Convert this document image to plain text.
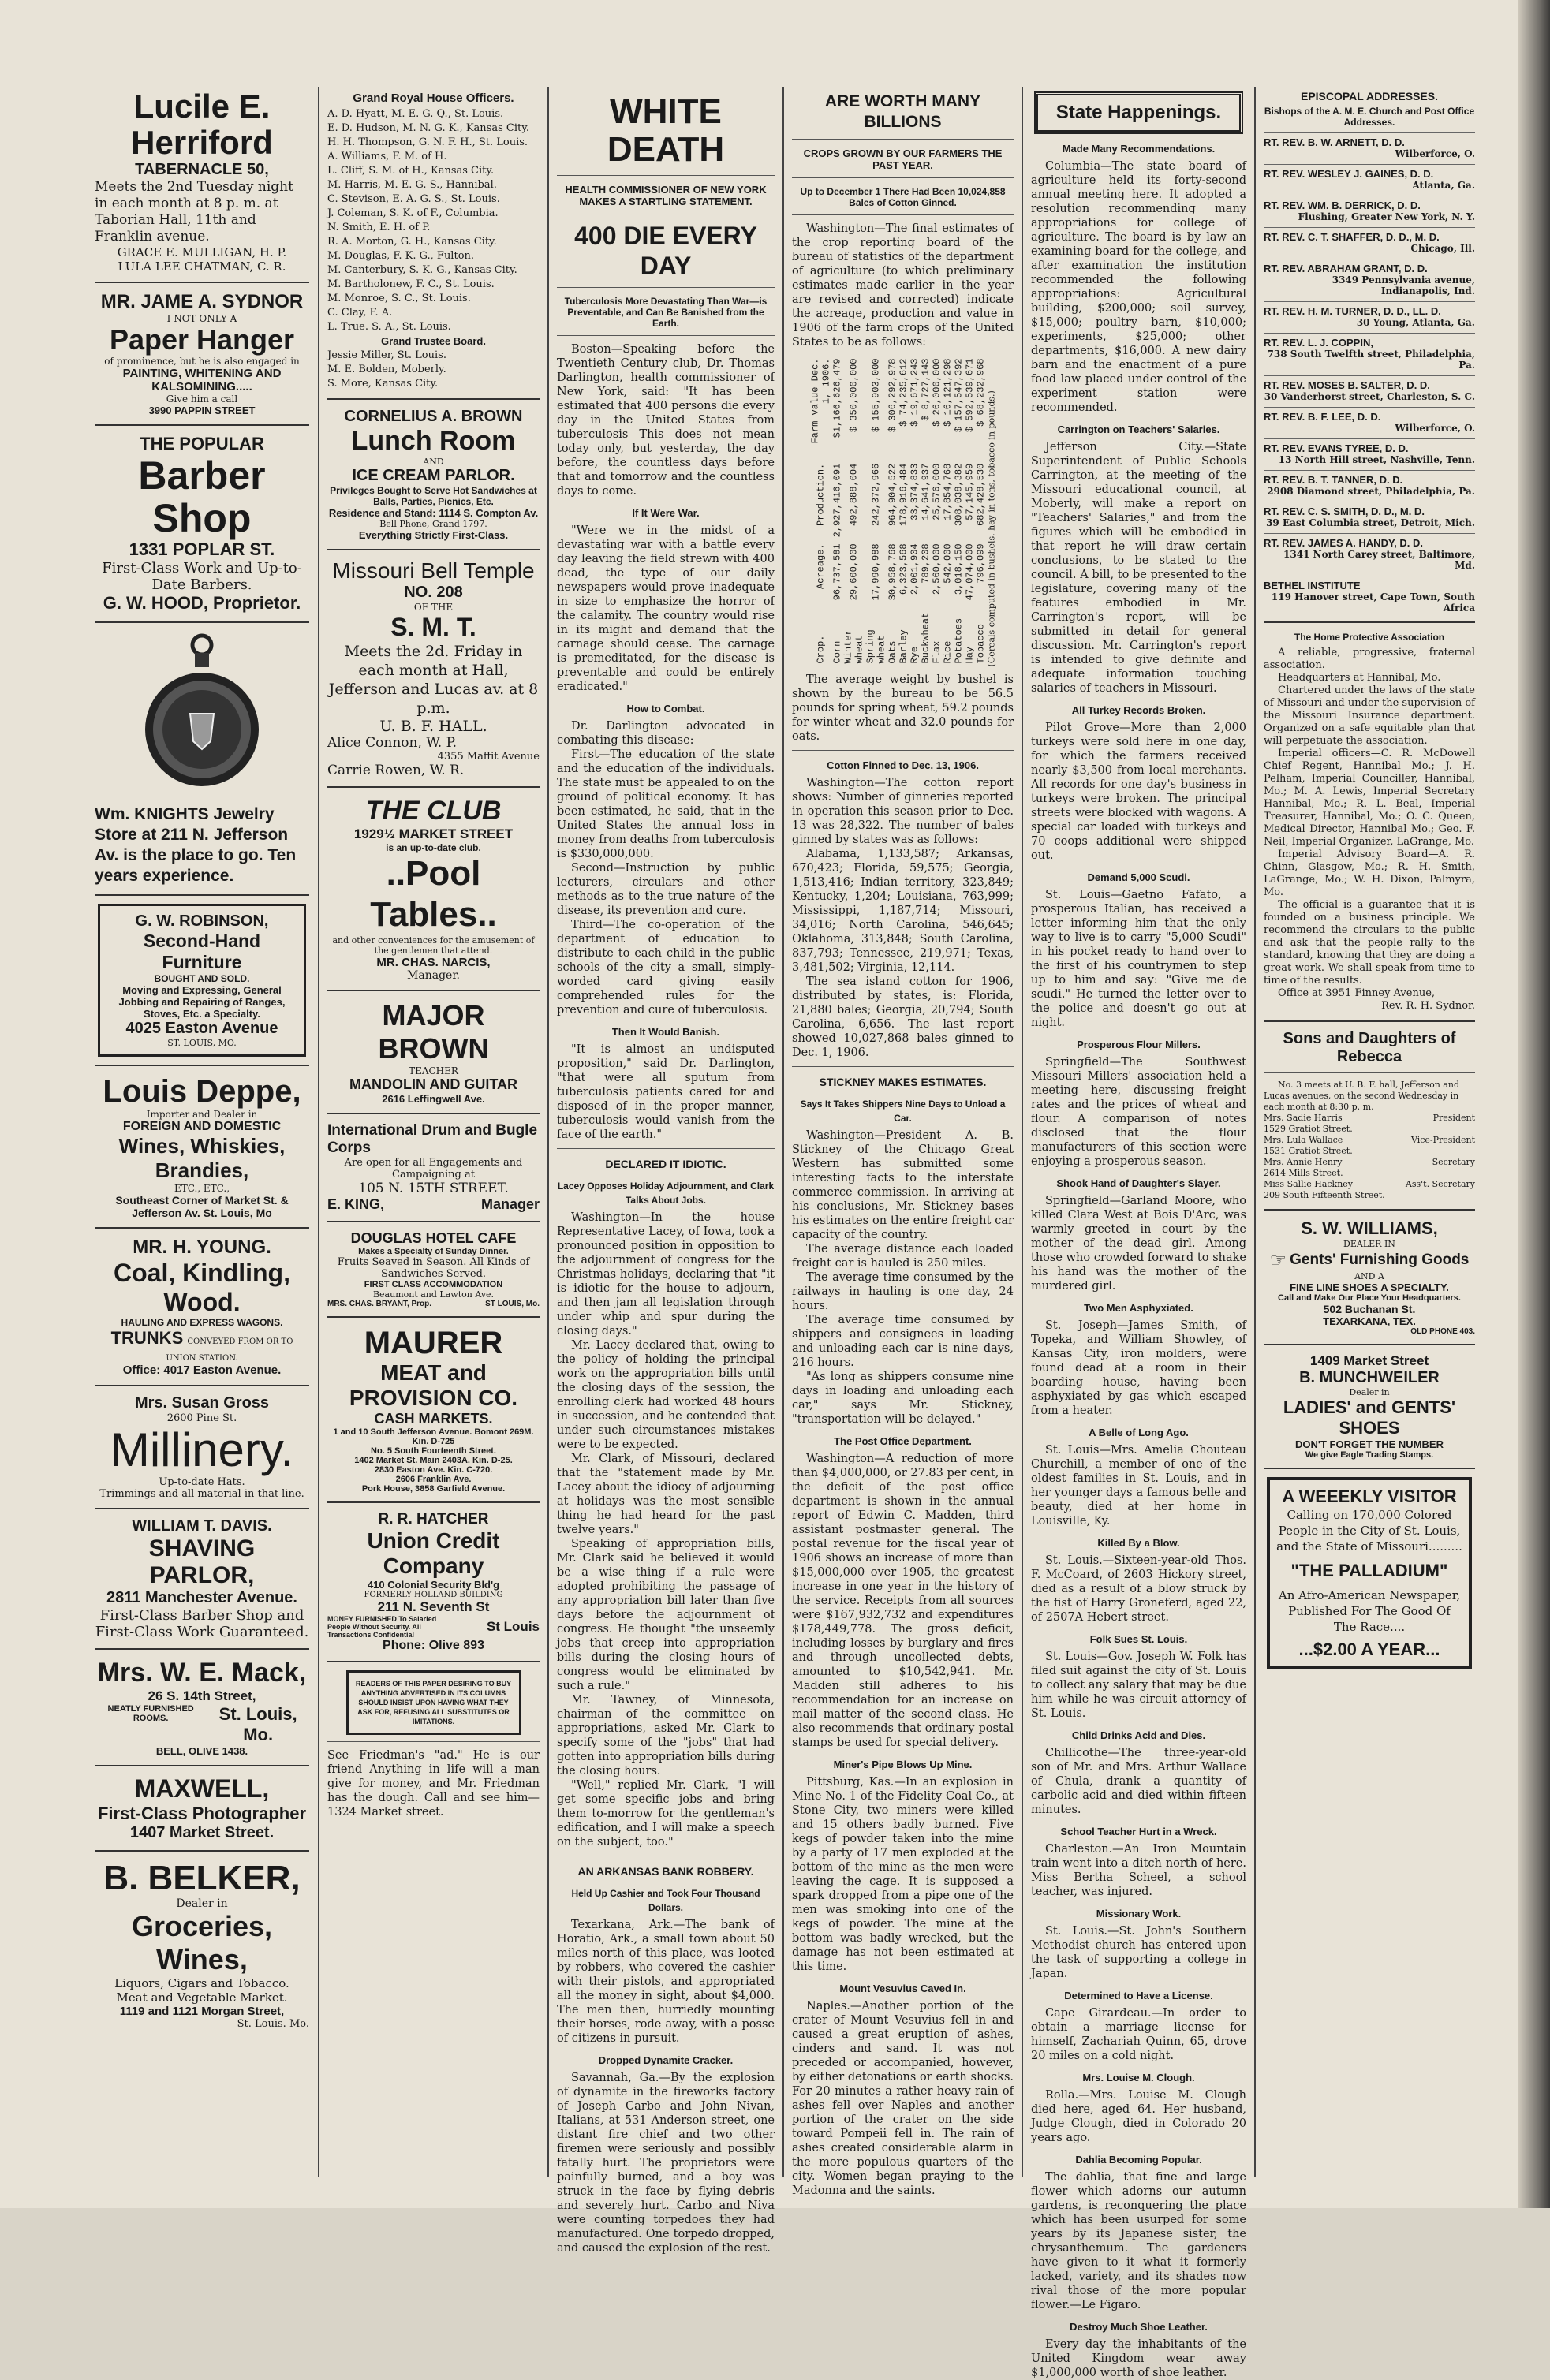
Lucile E. Herriford
TABERNACLE 50,
Meets the 2nd Tuesday night in each month at 8 p. m. at Taborian Hall, 11th and Franklin avenue.
GRACE E. MULLIGAN, H. P.
LULA LEE CHATMAN, C. R.
MR. JAME A. SYDNOR
I NOT ONLY A
Paper Hanger
of prominence, but he is also engaged in
PAINTING, WHITENING AND KALSOMINING.....
Give him a call
3990 PAPPIN STREET
THE POPULAR
Barber Shop
1331 POPLAR ST.
First-Class Work and Up-to-Date Barbers.
G. W. HOOD, Proprietor.
Wm. KNIGHTS Jewelry Store at 211 N. Jefferson Av. is the place to go. Ten years experience.
G. W. ROBINSON,
Second-Hand Furniture
BOUGHT AND SOLD.
Moving and Expressing, General Jobbing and Repairing of Ranges, Stoves, Etc. a Specialty.
4025 Easton Avenue
ST. LOUIS, MO.
Louis Deppe,
Importer and Dealer in
FOREIGN AND DOMESTIC
Wines, Whiskies, Brandies,
ETC., ETC.,
Southeast Corner of Market St. & Jefferson Av. St. Louis, Mo
MR. H. YOUNG.
Coal, Kindling, Wood.
HAULING AND EXPRESS WAGONS.
TRUNKS CONVEYED FROM OR TO UNION STATION.
Office: 4017 Easton Avenue.
Mrs. Susan Gross
2600 Pine St.
Millinery.
Up-to-date Hats.
Trimmings and all material in that line.
WILLIAM T. DAVIS.
SHAVING PARLOR,
2811 Manchester Avenue.
First-Class Barber Shop and First-Class Work Guaranteed.
Mrs. W. E. Mack,
26 S. 14th Street,
NEATLY FURNISHED ROOMS.	St. Louis, Mo.
BELL, OLIVE 1438.
MAXWELL,
First-Class Photographer
1407 Market Street.
B. BELKER,
Dealer in
Groceries, Wines,
Liquors, Cigars and Tobacco.
Meat and Vegetable Market.
1119 and 1121 Morgan Street,
St. Louis. Mo.
Grand Royal House Officers.

A. D. Hyatt, M. E. G. Q., St. Louis.

E. D. Hudson, M. N. G. K., Kansas City.

H. H. Thompson, G. N. F. H., St. Louis.

A. Williams, F. M. of H.

L. Cliff, S. M. of H., Kansas City.

M. Harris, M. E. G. S., Hannibal.

C. Stevison, E. A. G. S., St. Louis.

J. Coleman, S. K. of F., Columbia.

N. Smith, E. H. of P.

R. A. Morton, G. H., Kansas City.

M. Douglas, F. K. G., Fulton.

M. Canterbury, S. K. G., Kansas City.

M. Bartholonew, F. C., St. Louis.

M. Monroe, S. C., St. Louis.

C. Clay, F. A.

L. True. S. A., St. Louis.

Grand Trustee Board.

Jessie Miller, St. Louis.

M. E. Bolden, Moberly.

S. More, Kansas City.

CORNELIUS A. BROWN
Lunch Room
AND
ICE CREAM PARLOR.
Privileges Bought to Serve Hot Sandwiches at Balls, Parties, Picnics, Etc.
Residence and Stand: 1114 S. Compton Av.
Bell Phone, Grand 1797.
Everything Strictly First-Class.
Missouri Bell Temple
NO. 208
OF THE
S. M. T.
Meets the 2d. Friday in each month at Hall, Jefferson and Lucas av. at 8 p.m.
U. B. F. HALL.
Alice Connon, W. P.
4355 Maffit Avenue
Carrie Rowen, W. R.
THE CLUB
1929½ MARKET STREET
is an up-to-date club.
..Pool Tables..
and other conveniences for the amusement of the gentlemen that attend.
MR. CHAS. NARCIS,
Manager.
MAJOR BROWN
TEACHER
MANDOLIN AND GUITAR
2616 Leffingwell Ave.
International Drum and Bugle Corps
Are open for all Engagements and Campaigning at
105 N. 15TH STREET.
E. KING,	Manager
DOUGLAS HOTEL CAFE
Makes a Specialty of Sunday Dinner.
Fruits Seaved in Season. All Kinds of Sandwiches Served.
FIRST CLASS ACCOMMODATION
Beaumont and Lawton Ave.
MRS. CHAS. BRYANT, Prop.	ST LOUIS, Mo.
MAURER
MEAT and
PROVISION CO.
CASH MARKETS.
1 and 10 South Jefferson Avenue. Bomont 269M. Kin. D-725
No. 5 South Fourteenth Street.
1402 Market St. Main 2403A. Kin. D-25.
2830 Easton Ave. Kin. C-720.
2606 Franklin Ave.
Pork House, 3858 Garfield Avenue.
R. R. HATCHER
Union Credit Company
410 Colonial Security Bld'g
FORMERLY HOLLAND BUILDING
211 N. Seventh St
MONEY FURNISHED To Salaried People Without Security. All Transactions Confidential
St Louis
Phone: Olive 893
READERS OF THIS PAPER DESIRING TO BUY ANYTHING ADVERTISED IN ITS COLUMNS SHOULD INSIST UPON HAVING WHAT THEY ASK FOR, REFUSING ALL SUBSTITUTES OR IMITATIONS.
See Friedman's "ad." He is our friend Anything in life will a man give for money, and Mr. Friedman has the dough. Call and see him—1324 Market street.
WHITE DEATH
HEALTH COMMISSIONER OF NEW YORK MAKES A STARTLING STATEMENT.
400 DIE EVERY DAY
Tuberculosis More Devastating Than War—is Preventable, and Can Be Banished from the Earth.

Boston—Speaking before the Twentieth Century club, Dr. Thomas Darlington, health commissioner of New York, said: "It has been estimated that 400 persons die every day in the United States from tuberculosis This does not mean today only, but yesterday, the day before, the countless days before that and tomorrow and the countless days to come.

If It Were War.

"Were we in the midst of a devastating war with a battle every day leaving the field strewn with 400 dead, the type of our daily newspapers would prove inadequate in size to emphasize the horror of the calamity. The country would rise in its might and demand that the carnage should cease. The carnage is premeditated, for the disease is preventable and could be entirely eradicated."

How to Combat.

Dr. Darlington advocated in combating this disease:

First—The education of the state and the education of the individuals. The state must be appealed to on the ground of political economy. It has been estimated, he said, that in the United States the annual loss in money from deaths from tuberculosis is $330,000,000.

Second—Instruction by public lecturers, circulars and other methods as to the true nature of the disease, its prevention and cure.

Third—The co-operation of the department of education to distribute to each child in the public schools of the city a small, simply-worded card giving easily comprehended rules for the prevention and cure of tuberculosis.

Then It Would Banish.

"It is almost an undisputed proposition," said Dr. Darlington, "that were all sputum from tuberculosis patients cared for and disposed of in the proper manner, tuberculosis would vanish from the face of the earth."

DECLARED IT IDIOTIC.
Lacey Opposes Holiday Adjournment, and Clark Talks About Jobs.

Washington—In the house Representative Lacey, of Iowa, took a pronounced position in opposition to the adjournment of congress for the Christmas holidays, declaring that "it is idiotic for the house to adjourn, and then jam all legislation through under whip and spur during the closing days."

Mr. Lacey declared that, owing to the policy of holding the principal work on the appropriation bills until the closing days of the session, the enrolling clerk had worked 48 hours in succession, and he contended that under such circumstances mistakes were to be expected.

Mr. Clark, of Missouri, declared that the "statement made by Mr. Lacey about the idiocy of adjourning at holidays was the most sensible thing he had heard for the past twelve years."

Speaking of appropriation bills, Mr. Clark said he believed it would be a wise thing if a rule were adopted prohibiting the passage of any appropriation bill later than five days before the adjournment of congress. He thought "the unseemly jobs that creep into appropriation bills during the closing hours of congress would be eliminated by such a rule."

Mr. Tawney, of Minnesota, chairman of the committee on appropriations, asked Mr. Clark to specify some of the "jobs" that had gotten into appropriation bills during the closing hours.

"Well," replied Mr. Clark, "I will get some specific jobs and bring them to-morrow for the gentleman's edification, and I will make a speech on the subject, too."

AN ARKANSAS BANK ROBBERY.
Held Up Cashier and Took Four Thousand Dollars.

Texarkana, Ark.—The bank of Horatio, Ark., a small town about 50 miles north of this place, was looted by robbers, who covered the cashier with their pistols, and appropriated all the money in sight, about $4,000. The men then, hurriedly mounting their horses, rode away, with a posse of citizens in pursuit.

Dropped Dynamite Cracker.

Savannah, Ga.—By the explosion of dynamite in the fireworks factory of Joseph Carbo and John Nivan, Italians, at 531 Anderson street, one distant fire chief and two other firemen were seriously and possibly fatally hurt. The proprietors were painfully burned, and a boy was struck in the face by flying debris and severely hurt. Carbo and Niva were counting torpedoes they had manufactured. One torpedo dropped, and caused the explosion of the rest.

ARE WORTH MANY BILLIONS
CROPS GROWN BY OUR FARMERS THE PAST YEAR.
Up to December 1 There Had Been 10,024,858 Bales of Cotton Ginned.

Washington—The final estimates of the crop reporting board of the bureau of statistics of the department of agriculture (to which preliminary estimates made earlier in the year are revised and corrected) indicate the acreage, production and value in 1906 of the farm crops of the United States to be as follows:

Crop.	Acreage.	Production.	Farm value Dec. 1, 1906.
Corn	96,737,581	2,927,416,091	$1,166,626,479
Winter wheat	29,600,000	492,888,004	$ 350,000,000
Spring wheat	17,990,988	242,372,966	$ 155,903,000
Oats	30,958,768	964,904,522	$ 306,292,978
Barley	6,323,568	178,916,484	$ 74,235,612
Rye	2,001,904	33,374,833	$ 19,671,243
Buckwheat	789,208	14,641,937	$ 8,727,143
Flax	2,560,000	25,576,000	$ 26,000,000
Rice	542,000	17,854,768	$ 16,121,298
Potatoes	3,018,150	308,038,382	$ 157,547,392
Hay	47,074,000	57,145,959	$ 592,539,671
Tobacco	796,099	682,428,530	$ 68,232,968 (Cereals computed in bushels, hay in tons, tobacco in pounds.)

The average weight by bushel is shown by the bureau to be 56.5 pounds for spring wheat, 59.2 pounds for winter wheat and 32.0 pounds for oats.

Cotton Finned to Dec. 13, 1906.

Washington—The cotton report shows: Number of ginneries reported in operation this season prior to Dec. 13 was 28,322. The number of bales ginned by states was as follows:

Alabama, 1,133,587; Arkansas, 670,423; Florida, 59,575; Georgia, 1,513,416; Indian territory, 323,849; Kentucky, 1,204; Louisiana, 763,999; Mississippi, 1,187,714; Missouri, 34,016; North Carolina, 546,645; Oklahoma, 313,848; South Carolina, 837,793; Tennessee, 219,971; Texas, 3,481,502; Virginia, 12,114.

The sea island cotton for 1906, distributed by states, is: Florida, 21,880 bales; Georgia, 20,794; South Carolina, 6,656. The last report showed 10,027,868 bales ginned to Dec. 1, 1906.

STICKNEY MAKES ESTIMATES.
Says It Takes Shippers Nine Days to Unload a Car.

Washington—President A. B. Stickney of the Chicago Great Western has submitted some interesting facts to the interstate commerce commission. In arriving at his conclusions, Mr. Stickney bases his estimates on the entire freight car capacity of the country.

The average distance each loaded freight car is hauled is 250 miles.

The average time consumed by the railways in hauling is one day, 24 hours.

The average time consumed by shippers and consignees in loading and unloading each car is nine days, 216 hours.

"As long as shippers consume nine days in loading and unloading each car," says Mr. Stickney, "transportation will be delayed."

The Post Office Department.

Washington—A reduction of more than $4,000,000, or 27.83 per cent, in the deficit of the post office department is shown in the annual report of Edwin C. Madden, third assistant postmaster general. The postal revenue for the fiscal year of 1906 shows an increase of more than $15,000,000 over 1905, the greatest increase in one year in the history of the service. Receipts from all sources were $167,932,732 and expenditures $178,449,778. The gross deficit, including losses by burglary and fires and through uncollected debts, amounted to $10,542,941. Mr. Madden still adheres to his recommendation for an increase on mail matter of the second class. He also recommends that ordinary postal stamps be used for special delivery.

Miner's Pipe Blows Up Mine.

Pittsburg, Kas.—In an explosion in Mine No. 1 of the Fidelity Coal Co., at Stone City, two miners were killed and 15 others badly burned. Five kegs of powder taken into the mine by a party of 17 men exploded at the bottom of the mine as the men were leaving the cage. It is supposed a spark dropped from a pipe one of the men was smoking into one of the kegs of powder. The mine at the bottom was badly wrecked, but the damage has not been estimated at this time.

Mount Vesuvius Caved In.

Naples.—Another portion of the crater of Mount Vesuvius fell in and caused a great eruption of ashes, cinders and sand. It was not preceded or accompanied, however, by either detonations or earth shocks. For 20 minutes a rather heavy rain of ashes fell over Naples and another portion of the crater on the side toward Pompeii fell in. The rain of ashes created considerable alarm in the more populous quarters of the city. Women began praying to the Madonna and the saints.

State Happenings.
Made Many Recommendations.

Columbia—The state board of agriculture held its forty-second annual meeting here. It adopted a resolution recommending many appropriations for college of agriculture. The board is by law an examining board for the college, and after examination the institution recommended the following appropriations: Agricultural building, $200,000; soil survey, $15,000; poultry barn, $10,000; experiments, $25,000; other departments, $16,000. A new dairy barn and the enactment of a pure food law placed under control of the experiment station were recommended.

Carrington on Teachers' Salaries.

Jefferson City.—State Superintendent of Public Schools Carrington, at the meeting of the Missouri educational council, at Moberly, will make a report on "Teachers' Salaries," and from the figures which will be embodied in that report he will draw certain conclusions, to be stated to the council. A bill, to be presented to the legislature, covering many of the features embodied in Mr. Carrington's report, will be submitted in detail for general discussion. Mr. Carrington's report is intended to give definite and adequate information touching salaries of teachers in Missouri.

All Turkey Records Broken.

Pilot Grove—More than 2,000 turkeys were sold here in one day, for which the farmers received nearly $3,500 from local merchants. All records for one day's business in turkeys were broken. The principal streets were blocked with wagons. A special car loaded with turkeys and 70 coops additional were shipped out.

Demand 5,000 Scudi.

St. Louis—Gaetno Fafato, a prosperous Italian, has received a letter informing him that the only way to live is to carry "5,000 Scudi" in his pocket ready to hand over to the first of his countrymen to step up to him and say: "Give me de scudi." He turned the letter over to the police and doesn't go out at night.

Prosperous Flour Millers.

Springfield—The Southwest Missouri Millers' association held a meeting here, discussing freight rates and the prices of wheat and flour. A comparison of notes disclosed that the flour manufacturers of this section were enjoying a prosperous season.

Shook Hand of Daughter's Slayer.

Springfield—Garland Moore, who killed Clara West at Bois D'Arc, was warmly greeted in court by the mother of the dead girl. Among those who crowded forward to shake his hand was the mother of the murdered girl.

Two Men Asphyxiated.

St. Joseph—James Smith, of Topeka, and William Showley, of Kansas City, iron molders, were found dead at a room in their boarding house, having been asphyxiated by gas which escaped from a heater.

A Belle of Long Ago.

St. Louis—Mrs. Amelia Chouteau Churchill, a member of one of the oldest families in St. Louis, and in her younger days a famous belle and beauty, died at her home in Louisville, Ky.

Killed By a Blow.

St. Louis.—Sixteen-year-old Thos. F. McCoard, of 2603 Hickory street, died as a result of a blow struck by the fist of Harry Groneferd, aged 22, of 2507A Hebert street.

Folk Sues St. Louis.

St. Louis—Gov. Joseph W. Folk has filed suit against the city of St. Louis to collect any salary that may be due him while he was circuit attorney of St. Louis.

Child Drinks Acid and Dies.

Chillicothe—The three-year-old son of Mr. and Mrs. Arthur Wallace of Chula, drank a quantity of carbolic acid and died within fifteen minutes.

School Teacher Hurt in a Wreck.

Charleston.—An Iron Mountain train went into a ditch north of here. Miss Bertha Scheel, a school teacher, was injured.

Missionary Work.

St. Louis.—St. John's Southern Methodist church has entered upon the task of supporting a college in Japan.

Determined to Have a License.

Cape Girardeau.—In order to obtain a marriage license for himself, Zachariah Quinn, 65, drove 20 miles on a cold night.

Mrs. Louise M. Clough.

Rolla.—Mrs. Louise M. Clough died here, aged 64. Her husband, Judge Clough, died in Colorado 20 years ago.

Dahlia Becoming Popular.

The dahlia, that fine and large flower which adorns our autumn gardens, is reconquering the place which has been usurped for some years by its Japanese sister, the chrysanthemum. The gardeners have given to it what it formerly lacked, variety, and its shades now rival those of the more popular flower.—Le Figaro.

Destroy Much Shoe Leather.

Every day the inhabitants of the United Kingdom wear away $1,000,000 worth of shoe leather.

EPISCOPAL ADDRESSES.
Bishops of the A. M. E. Church and Post Office Addresses.
RT. REV. B. W. ARNETT, D. D.
Wilberforce, O.
RT. REV. WESLEY J. GAINES, D. D.
Atlanta, Ga.
RT. REV. WM. B. DERRICK, D. D.
Flushing, Greater New York, N. Y.
RT. REV. C. T. SHAFFER, D. D., M. D.
Chicago, Ill.
RT. REV. ABRAHAM GRANT, D. D.
3349 Pennsylvania avenue, Indianapolis, Ind.
RT. REV. H. M. TURNER, D. D., LL. D.
30 Young, Atlanta, Ga.
RT. REV. L. J. COPPIN,
738 South Twelfth street, Philadelphia, Pa.
RT. REV. MOSES B. SALTER, D. D.
30 Vanderhorst street, Charleston, S. C.
RT. REV. B. F. LEE, D. D.
Wilberforce, O.
RT. REV. EVANS TYREE, D. D.
13 North Hill street, Nashville, Tenn.
RT. REV. B. T. TANNER, D. D.
2908 Diamond street, Philadelphia, Pa.
RT. REV. C. S. SMITH, D. D., M. D.
39 East Columbia street, Detroit, Mich.
RT. REV. JAMES A. HANDY, D. D.
1341 North Carey street, Baltimore, Md.
BETHEL INSTITUTE
119 Hanover street, Cape Town, South Africa
The Home Protective Association

A reliable, progressive, fraternal association.

Headquarters at Hannibal, Mo.

Chartered under the laws of the state of Missouri and under the supervision of the Missouri Insurance department. Organized on a safe equitable plan that will perpetuate the association.

Imperial officers—C. R. McDowell Chief Regent, Hannibal Mo.; J. H. Pelham, Imperial Counciller, Hannibal, Mo.; M. A. Lewis, Imperial Secretary Hannibal, Mo.; R. L. Beal, Imperial Treasurer, Hannibal, Mo.; O. C. Queen, Medical Director, Hannibal Mo.; Geo. F. Neil, Imperial Organizer, LaGrange, Mo.

Imperial Advisory Board—A. R. Chinn, Glasgow, Mo.; R. H. Smith, LaGrange, Mo.; W. H. Dixon, Palmyra, Mo.

The official is a guarantee that it is founded on a business principle. We recommend the circulars to the public and ask that the people rally to the standard, knowing that they are doing a great work. We shall speak from time to time of the results.

Office at 3951 Finney Avenue,

Rev. R. H. Sydnor.

Sons and Daughters of Rebecca

No. 3 meets at U. B. F. hall, Jefferson and Lucas avenues, on the second Wednesday in each month at 8:30 p. m.

Mrs. Sadie Harris	President
1529 Gratiot Street.
Mrs. Lula Wallace	Vice-President
1531 Gratiot Street.
Mrs. Annie Henry	Secretary
2614 Mills Street.
Miss Sallie Hackney	Ass't. Secretary
209 South Fifteenth Street.
S. W. WILLIAMS,
DEALER IN
☞ Gents' Furnishing Goods
AND A
FINE LINE SHOES A SPECIALTY.
Call and Make Our Place Your Headquarters.
502 Buchanan St.
TEXARKANA, TEX.
OLD PHONE 403.
1409 Market Street
B. MUNCHWEILER
Dealer in
LADIES' and GENTS' SHOES
DON'T FORGET THE NUMBER
We give Eagle Trading Stamps.
A WEEEKLY VISITOR
Calling on 170,000 Colored People in the City of St. Louis, and the State of Missouri.........
"THE PALLADIUM"
An Afro-American Newspaper, Published For The Good Of The Race....
...$2.00 A YEAR...
